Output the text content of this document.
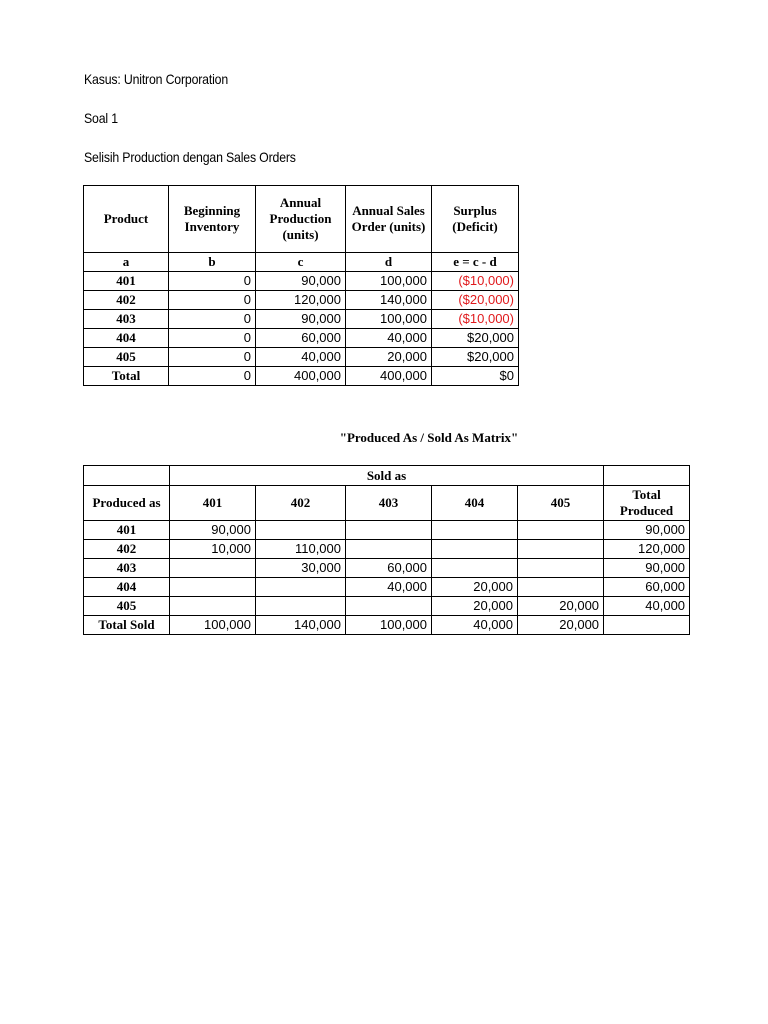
Kasus: Unitron Corporation
Soal 1
Selisih Production dengan Sales Orders
Product	Beginning Inventory	Annual Production (units)	Annual Sales Order (units)	Surplus (Deficit)
a	b	c	d	e = c - d
401	0	90,000	100,000	($10,000)
402	0	120,000	140,000	($20,000)
403	0	90,000	100,000	($10,000)
404	0	60,000	40,000	$20,000
405	0	40,000	20,000	$20,000
Total	0	400,000	400,000	$0
"Produced As / Sold As Matrix"
	Sold as					
Produced as	401	402	403	404	405	Total Produced
401	90,000					90,000
402	10,000	110,000				120,000
403		30,000	60,000			90,000
404			40,000	20,000		60,000
405				20,000	20,000	40,000
Total Sold	100,000	140,000	100,000	40,000	20,000	
